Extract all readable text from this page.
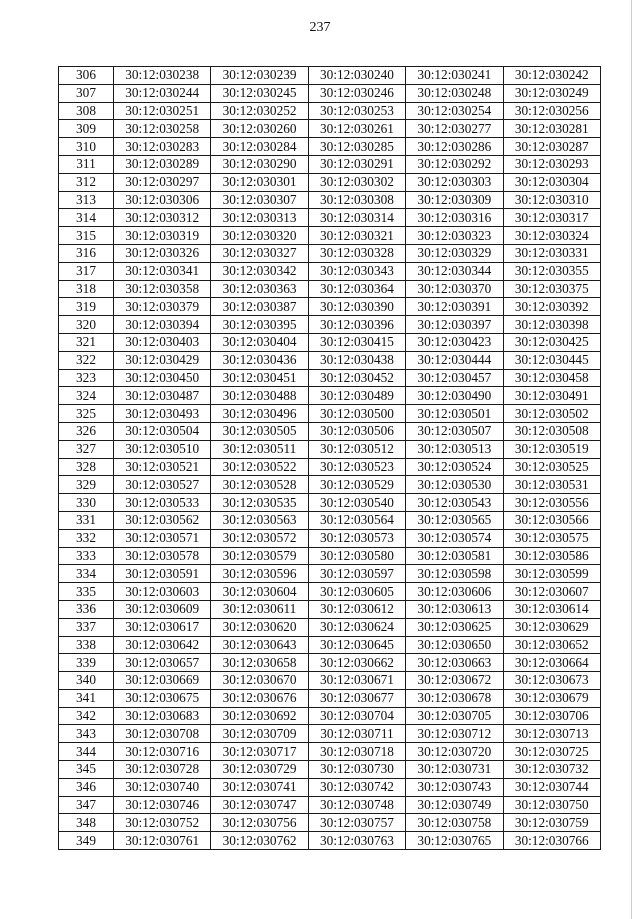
237
306	30:12:030238	30:12:030239	30:12:030240	30:12:030241	30:12:030242
307	30:12:030244	30:12:030245	30:12:030246	30:12:030248	30:12:030249
308	30:12:030251	30:12:030252	30:12:030253	30:12:030254	30:12:030256
309	30:12:030258	30:12:030260	30:12:030261	30:12:030277	30:12:030281
310	30:12:030283	30:12:030284	30:12:030285	30:12:030286	30:12:030287
311	30:12:030289	30:12:030290	30:12:030291	30:12:030292	30:12:030293
312	30:12:030297	30:12:030301	30:12:030302	30:12:030303	30:12:030304
313	30:12:030306	30:12:030307	30:12:030308	30:12:030309	30:12:030310
314	30:12:030312	30:12:030313	30:12:030314	30:12:030316	30:12:030317
315	30:12:030319	30:12:030320	30:12:030321	30:12:030323	30:12:030324
316	30:12:030326	30:12:030327	30:12:030328	30:12:030329	30:12:030331
317	30:12:030341	30:12:030342	30:12:030343	30:12:030344	30:12:030355
318	30:12:030358	30:12:030363	30:12:030364	30:12:030370	30:12:030375
319	30:12:030379	30:12:030387	30:12:030390	30:12:030391	30:12:030392
320	30:12:030394	30:12:030395	30:12:030396	30:12:030397	30:12:030398
321	30:12:030403	30:12:030404	30:12:030415	30:12:030423	30:12:030425
322	30:12:030429	30:12:030436	30:12:030438	30:12:030444	30:12:030445
323	30:12:030450	30:12:030451	30:12:030452	30:12:030457	30:12:030458
324	30:12:030487	30:12:030488	30:12:030489	30:12:030490	30:12:030491
325	30:12:030493	30:12:030496	30:12:030500	30:12:030501	30:12:030502
326	30:12:030504	30:12:030505	30:12:030506	30:12:030507	30:12:030508
327	30:12:030510	30:12:030511	30:12:030512	30:12:030513	30:12:030519
328	30:12:030521	30:12:030522	30:12:030523	30:12:030524	30:12:030525
329	30:12:030527	30:12:030528	30:12:030529	30:12:030530	30:12:030531
330	30:12:030533	30:12:030535	30:12:030540	30:12:030543	30:12:030556
331	30:12:030562	30:12:030563	30:12:030564	30:12:030565	30:12:030566
332	30:12:030571	30:12:030572	30:12:030573	30:12:030574	30:12:030575
333	30:12:030578	30:12:030579	30:12:030580	30:12:030581	30:12:030586
334	30:12:030591	30:12:030596	30:12:030597	30:12:030598	30:12:030599
335	30:12:030603	30:12:030604	30:12:030605	30:12:030606	30:12:030607
336	30:12:030609	30:12:030611	30:12:030612	30:12:030613	30:12:030614
337	30:12:030617	30:12:030620	30:12:030624	30:12:030625	30:12:030629
338	30:12:030642	30:12:030643	30:12:030645	30:12:030650	30:12:030652
339	30:12:030657	30:12:030658	30:12:030662	30:12:030663	30:12:030664
340	30:12:030669	30:12:030670	30:12:030671	30:12:030672	30:12:030673
341	30:12:030675	30:12:030676	30:12:030677	30:12:030678	30:12:030679
342	30:12:030683	30:12:030692	30:12:030704	30:12:030705	30:12:030706
343	30:12:030708	30:12:030709	30:12:030711	30:12:030712	30:12:030713
344	30:12:030716	30:12:030717	30:12:030718	30:12:030720	30:12:030725
345	30:12:030728	30:12:030729	30:12:030730	30:12:030731	30:12:030732
346	30:12:030740	30:12:030741	30:12:030742	30:12:030743	30:12:030744
347	30:12:030746	30:12:030747	30:12:030748	30:12:030749	30:12:030750
348	30:12:030752	30:12:030756	30:12:030757	30:12:030758	30:12:030759
349	30:12:030761	30:12:030762	30:12:030763	30:12:030765	30:12:030766
